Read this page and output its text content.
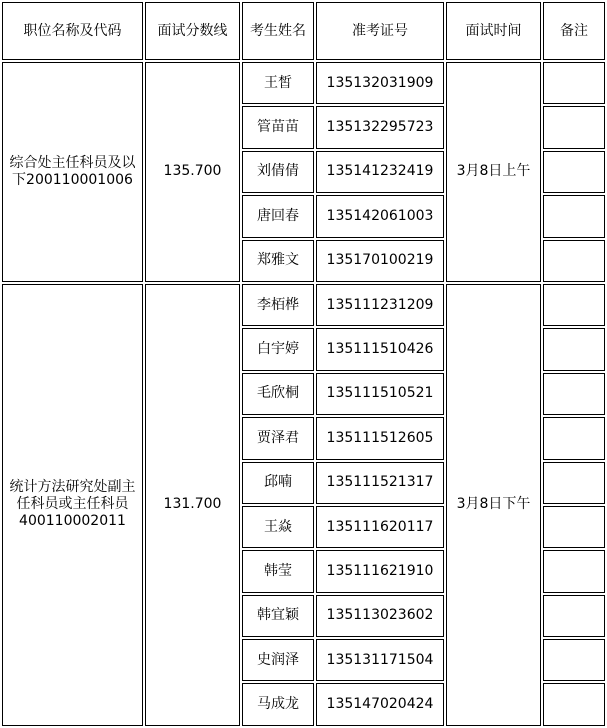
职位名称及代码	面试分数线	考生姓名	准考证号	面试时间	备注
综合处主任科员及以下200110001006	135.700	王皙	135132031909	3月8日上午	
		管苗苗	135132295723		
		刘倩倩	135141232419		
		唐回春	135142061003		
		郑雅文	135170100219		
统计方法研究处副主任科员或主任科员400110002011	131.700	李栢桦	135111231209	3月8日下午	
		白宇婷	135111510426		
		毛欣桐	135111510521		
		贾泽君	135111512605		
		邱喃	135111521317		
		王焱	135111620117		
		韩莹	135111621910		
		韩宜颖	135113023602		
		史润泽	135131171504		
		马成龙	135147020424		
